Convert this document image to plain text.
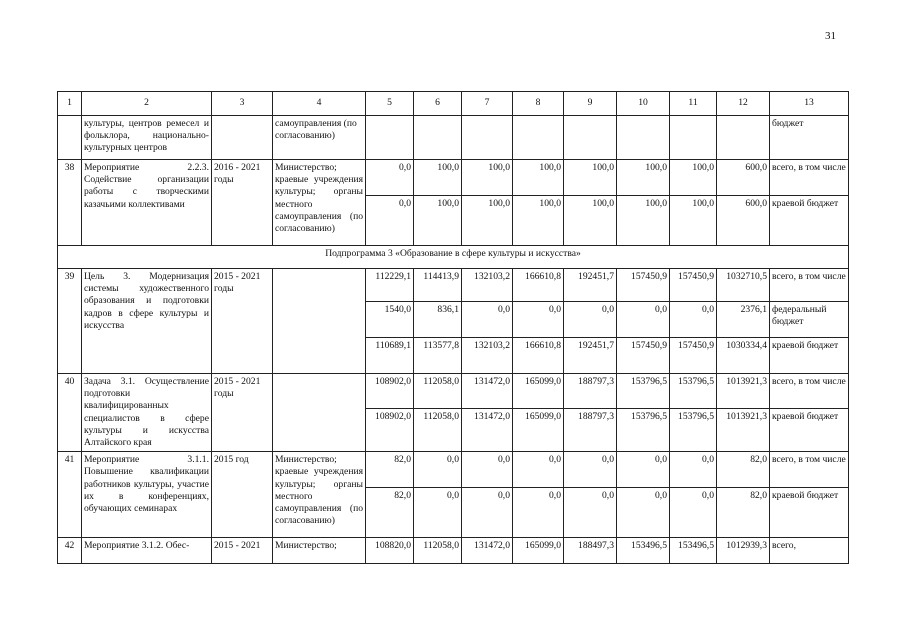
31
1	2	3	4	5	6	7	8	9	10	11	12	13
	культуры, центров ремесел и фольклора, национально-культурных центров		самоуправления (по согласованию)									бюджет
38	Мероприятие 2.2.3. Содействие организации работы с творческими казачьими коллективами	2016 - 2021 годы	Министерство; краевые учреждения культуры; органы местного самоуправления (по согласованию)	0,0	100,0	100,0	100,0	100,0	100,0	100,0	600,0	всего, в том числе
				0,0	100,0	100,0	100,0	100,0	100,0	100,0	600,0	краевой бюджет
Подпрограмма 3 «Образование в сфере культуры и искусства»												
39	Цель 3. Модернизация системы художественного образования и подготовки кадров в сфере культуры и искусства	2015 - 2021 годы		112229,1	114413,9	132103,2	166610,8	192451,7	157450,9	157450,9	1032710,5	всего, в том числе
				1540,0	836,1	0,0	0,0	0,0	0,0	0,0	2376,1	федеральный бюджет
				110689,1	113577,8	132103,2	166610,8	192451,7	157450,9	157450,9	1030334,4	краевой бюджет
40	Задача 3.1. Осуществление подготовки квалифицированных специалистов в сфере культуры и искусства Алтайского края	2015 - 2021 годы		108902,0	112058,0	131472,0	165099,0	188797,3	153796,5	153796,5	1013921,3	всего, в том числе
				108902,0	112058,0	131472,0	165099,0	188797,3	153796,5	153796,5	1013921,3	краевой бюджет
41	Мероприятие 3.1.1. Повышение квалификации работников культуры, участие их в конференциях, обучающих семинарах	2015 год	Министерство; краевые учреждения культуры; органы местного самоуправления (по согласованию)	82,0	0,0	0,0	0,0	0,0	0,0	0,0	82,0	всего, в том числе
				82,0	0,0	0,0	0,0	0,0	0,0	0,0	82,0	краевой бюджет
42	Мероприятие 3.1.2. Обес-	2015 - 2021	Министерство;	108820,0	112058,0	131472,0	165099,0	188497,3	153496,5	153496,5	1012939,3	всего,
